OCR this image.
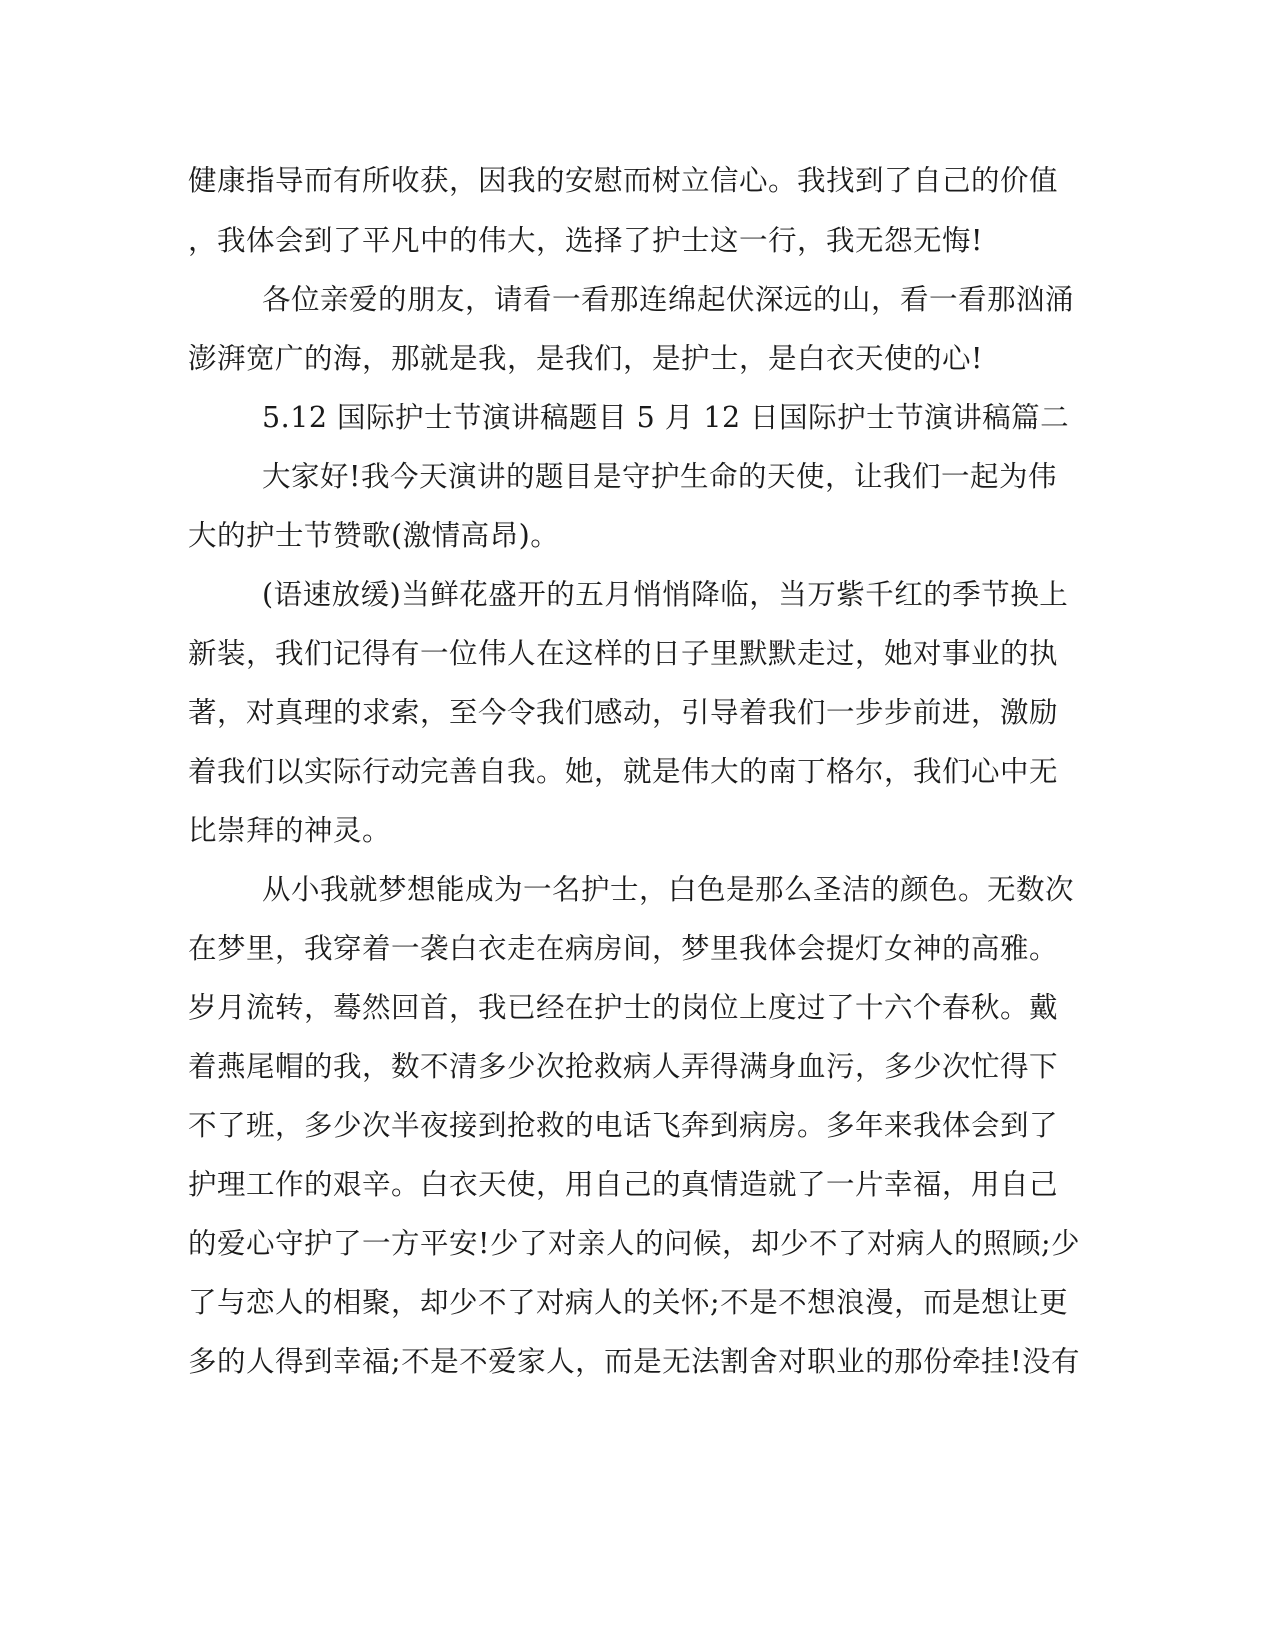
健康指导而有所收获，因我的安慰而树立信心。我找到了自己的价值
，我体会到了平凡中的伟大，选择了护士这一行，我无怨无悔!
各位亲爱的朋友，请看一看那连绵起伏深远的山，看一看那汹涌
澎湃宽广的海，那就是我，是我们，是护士，是白衣天使的心!
5.12 国际护士节演讲稿题目 5 月 12 日国际护士节演讲稿篇二
大家好!我今天演讲的题目是守护生命的天使，让我们一起为伟
大的护士节赞歌(激情高昂)。
(语速放缓)当鲜花盛开的五月悄悄降临，当万紫千红的季节换上
新装，我们记得有一位伟人在这样的日子里默默走过，她对事业的执
著，对真理的求索，至今令我们感动，引导着我们一步步前进，激励
着我们以实际行动完善自我。她，就是伟大的南丁格尔，我们心中无
比崇拜的神灵。
从小我就梦想能成为一名护士，白色是那么圣洁的颜色。无数次
在梦里，我穿着一袭白衣走在病房间，梦里我体会提灯女神的高雅。
岁月流转，蓦然回首，我已经在护士的岗位上度过了十六个春秋。戴
着燕尾帽的我，数不清多少次抢救病人弄得满身血污，多少次忙得下
不了班，多少次半夜接到抢救的电话飞奔到病房。多年来我体会到了
护理工作的艰辛。白衣天使，用自己的真情造就了一片幸福，用自己
的爱心守护了一方平安!少了对亲人的问候，却少不了对病人的照顾;少
了与恋人的相聚，却少不了对病人的关怀;不是不想浪漫，而是想让更
多的人得到幸福;不是不爱家人，而是无法割舍对职业的那份牵挂!没有
